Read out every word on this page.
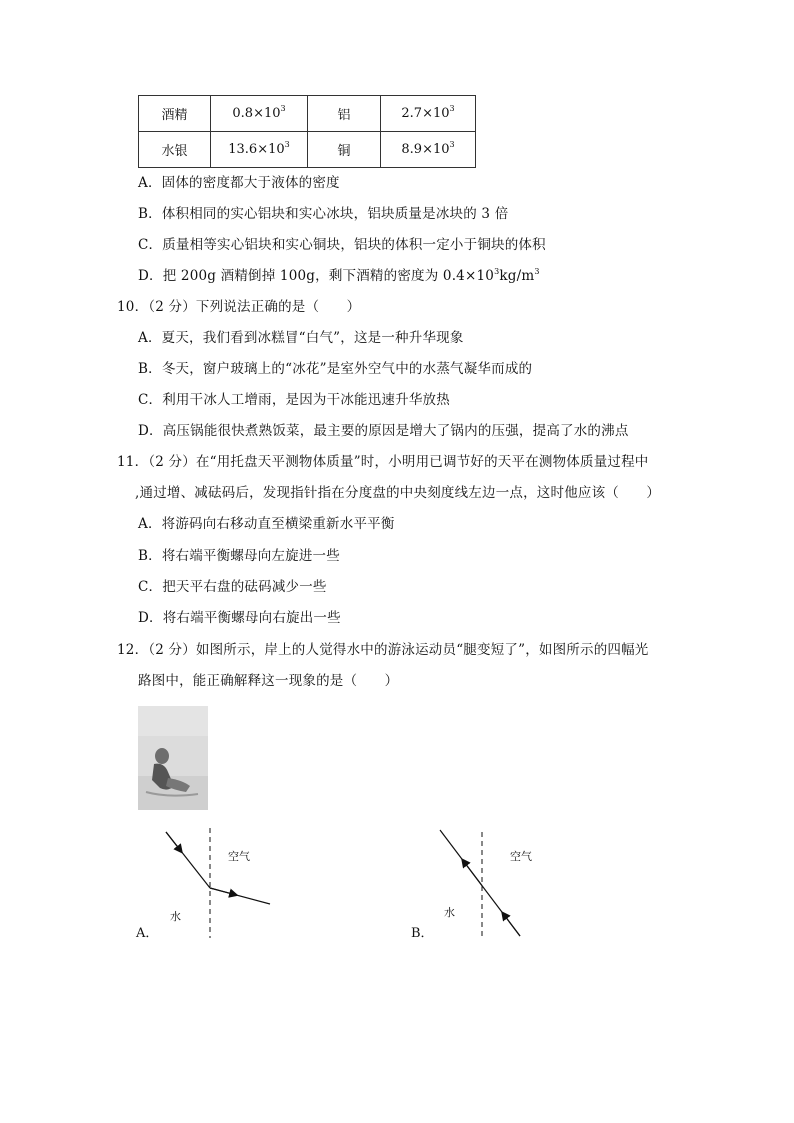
酒精	$0.8\times 10^3$	铝	$2.7\times 10^3$
水银	$13.6\times 10^3$	铜	$8.9\times 10^3$
A．固体的密度都大于液体的密度
B．体积相同的实心铝块和实心冰块，铝块质量是冰块的 3 倍
C．质量相等实心铝块和实心铜块，铝块的体积一定小于铜块的体积
D．把 200g 酒精倒掉 100g，剩下酒精的密度为 $0.4\times 10^3kg/m^3$
10．（2 分）下列说法正确的是（　　）
A．夏天，我们看到冰糕冒“白气”，这是一种升华现象
B．冬天，窗户玻璃上的“冰花”是室外空气中的水蒸气凝华而成的
C．利用干冰人工增雨，是因为干冰能迅速升华放热
D．高压锅能很快煮熟饭菜，最主要的原因是增大了锅内的压强，提高了水的沸点
11．（2 分）在“用托盘天平测物体质量”时，小明用已调节好的天平在测物体质量过程中
,通过增、减砝码后，发现指针指在分度盘的中央刻度线左边一点，这时他应该（　　）
A．将游码向右移动直至横梁重新水平平衡
B．将右端平衡螺母向左旋进一些
C．把天平右盘的砝码减少一些
D．将右端平衡螺母向右旋出一些
12．（2 分）如图所示，岸上的人觉得水中的游泳运动员“腿变短了”，如图所示的四幅光
路图中，能正确解释这一现象的是（　　）
空气
水
A．
空气
水
B．
